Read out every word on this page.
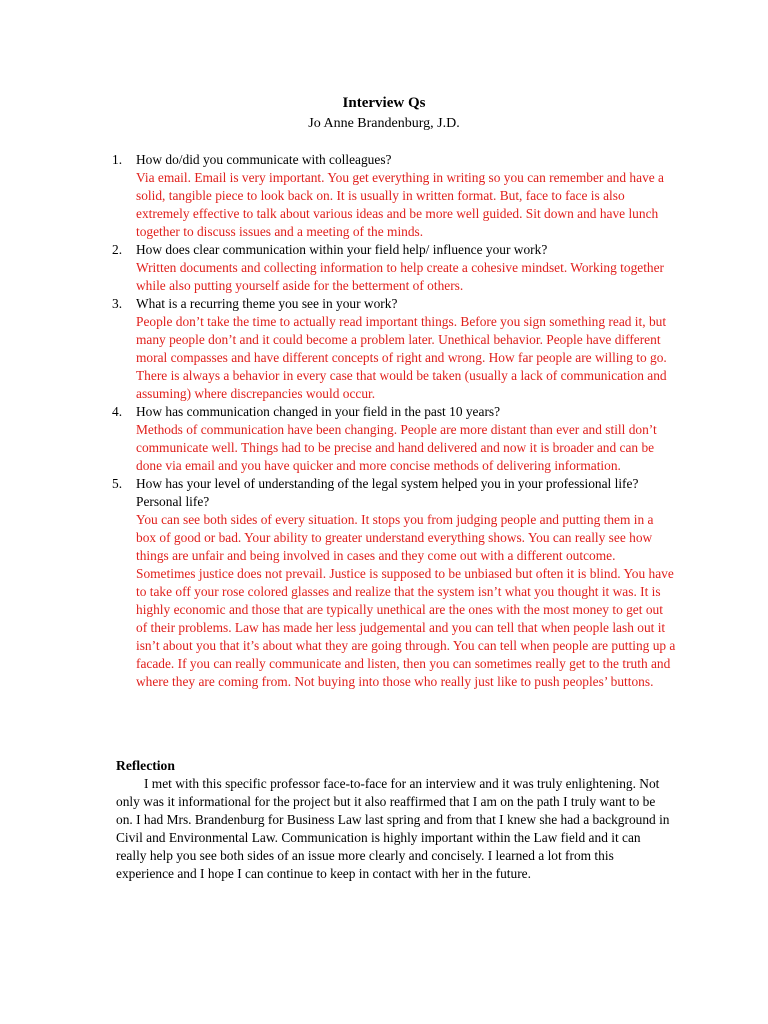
Interview Qs
Jo Anne Brandenburg, J.D.
1. How do/did you communicate with colleagues?
Via email. Email is very important. You get everything in writing so you can remember and have a solid, tangible piece to look back on. It is usually in written format. But, face to face is also extremely effective to talk about various ideas and be more well guided. Sit down and have lunch together to discuss issues and a meeting of the minds.
2. How does clear communication within your field help/ influence your work?
Written documents and collecting information to help create a cohesive mindset. Working together while also putting yourself aside for the betterment of others.
3. What is a recurring theme you see in your work?
People don’t take the time to actually read important things. Before you sign something read it, but many people don’t and it could become a problem later. Unethical behavior. People have different moral compasses and have different concepts of right and wrong. How far people are willing to go. There is always a behavior in every case that would be taken (usually a lack of communication and assuming) where discrepancies would occur.
4. How has communication changed in your field in the past 10 years?
Methods of communication have been changing. People are more distant than ever and still don’t communicate well. Things had to be precise and hand delivered and now it is broader and can be done via email and you have quicker and more concise methods of delivering information.
5. How has your level of understanding of the legal system helped you in your professional life? Personal life?
You can see both sides of every situation. It stops you from judging people and putting them in a box of good or bad. Your ability to greater understand everything shows. You can really see how things are unfair and being involved in cases and they come out with a different outcome. Sometimes justice does not prevail. Justice is supposed to be unbiased but often it is blind. You have to take off your rose colored glasses and realize that the system isn’t what you thought it was. It is highly economic and those that are typically unethical are the ones with the most money to get out of their problems. Law has made her less judgemental and you can tell that when people lash out it isn’t about you that it’s about what they are going through. You can tell when people are putting up a facade. If you can really communicate and listen, then you can sometimes really get to the truth and where they are coming from. Not buying into those who really just like to push peoples’ buttons.
Reflection

I met with this specific professor face-to-face for an interview and it was truly enlightening. Not only was it informational for the project but it also reaffirmed that I am on the path I truly want to be on. I had Mrs. Brandenburg for Business Law last spring and from that I knew she had a background in Civil and Environmental Law. Communication is highly important within the Law field and it can really help you see both sides of an issue more clearly and concisely. I learned a lot from this experience and I hope I can continue to keep in contact with her in the future.
